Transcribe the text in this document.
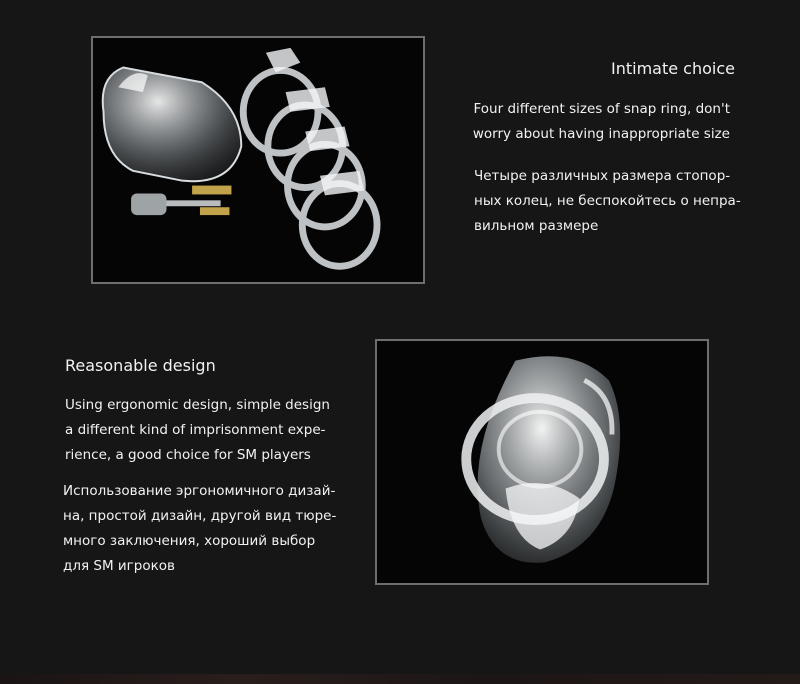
Intimate choice
Four different sizes of snap ring, don't
worry about having inappropriate size
Четыре различных размера стопор-
ных колец, не беспокойтесь о непра-
вильном размере
Reasonable design
Using ergonomic design, simple design
a different kind of imprisonment expe-
rience, a good choice for SM players
Использование эргономичного дизай-
на, простой дизайн, другой вид тюре-
много заключения, хороший выбор
для SM игроков
